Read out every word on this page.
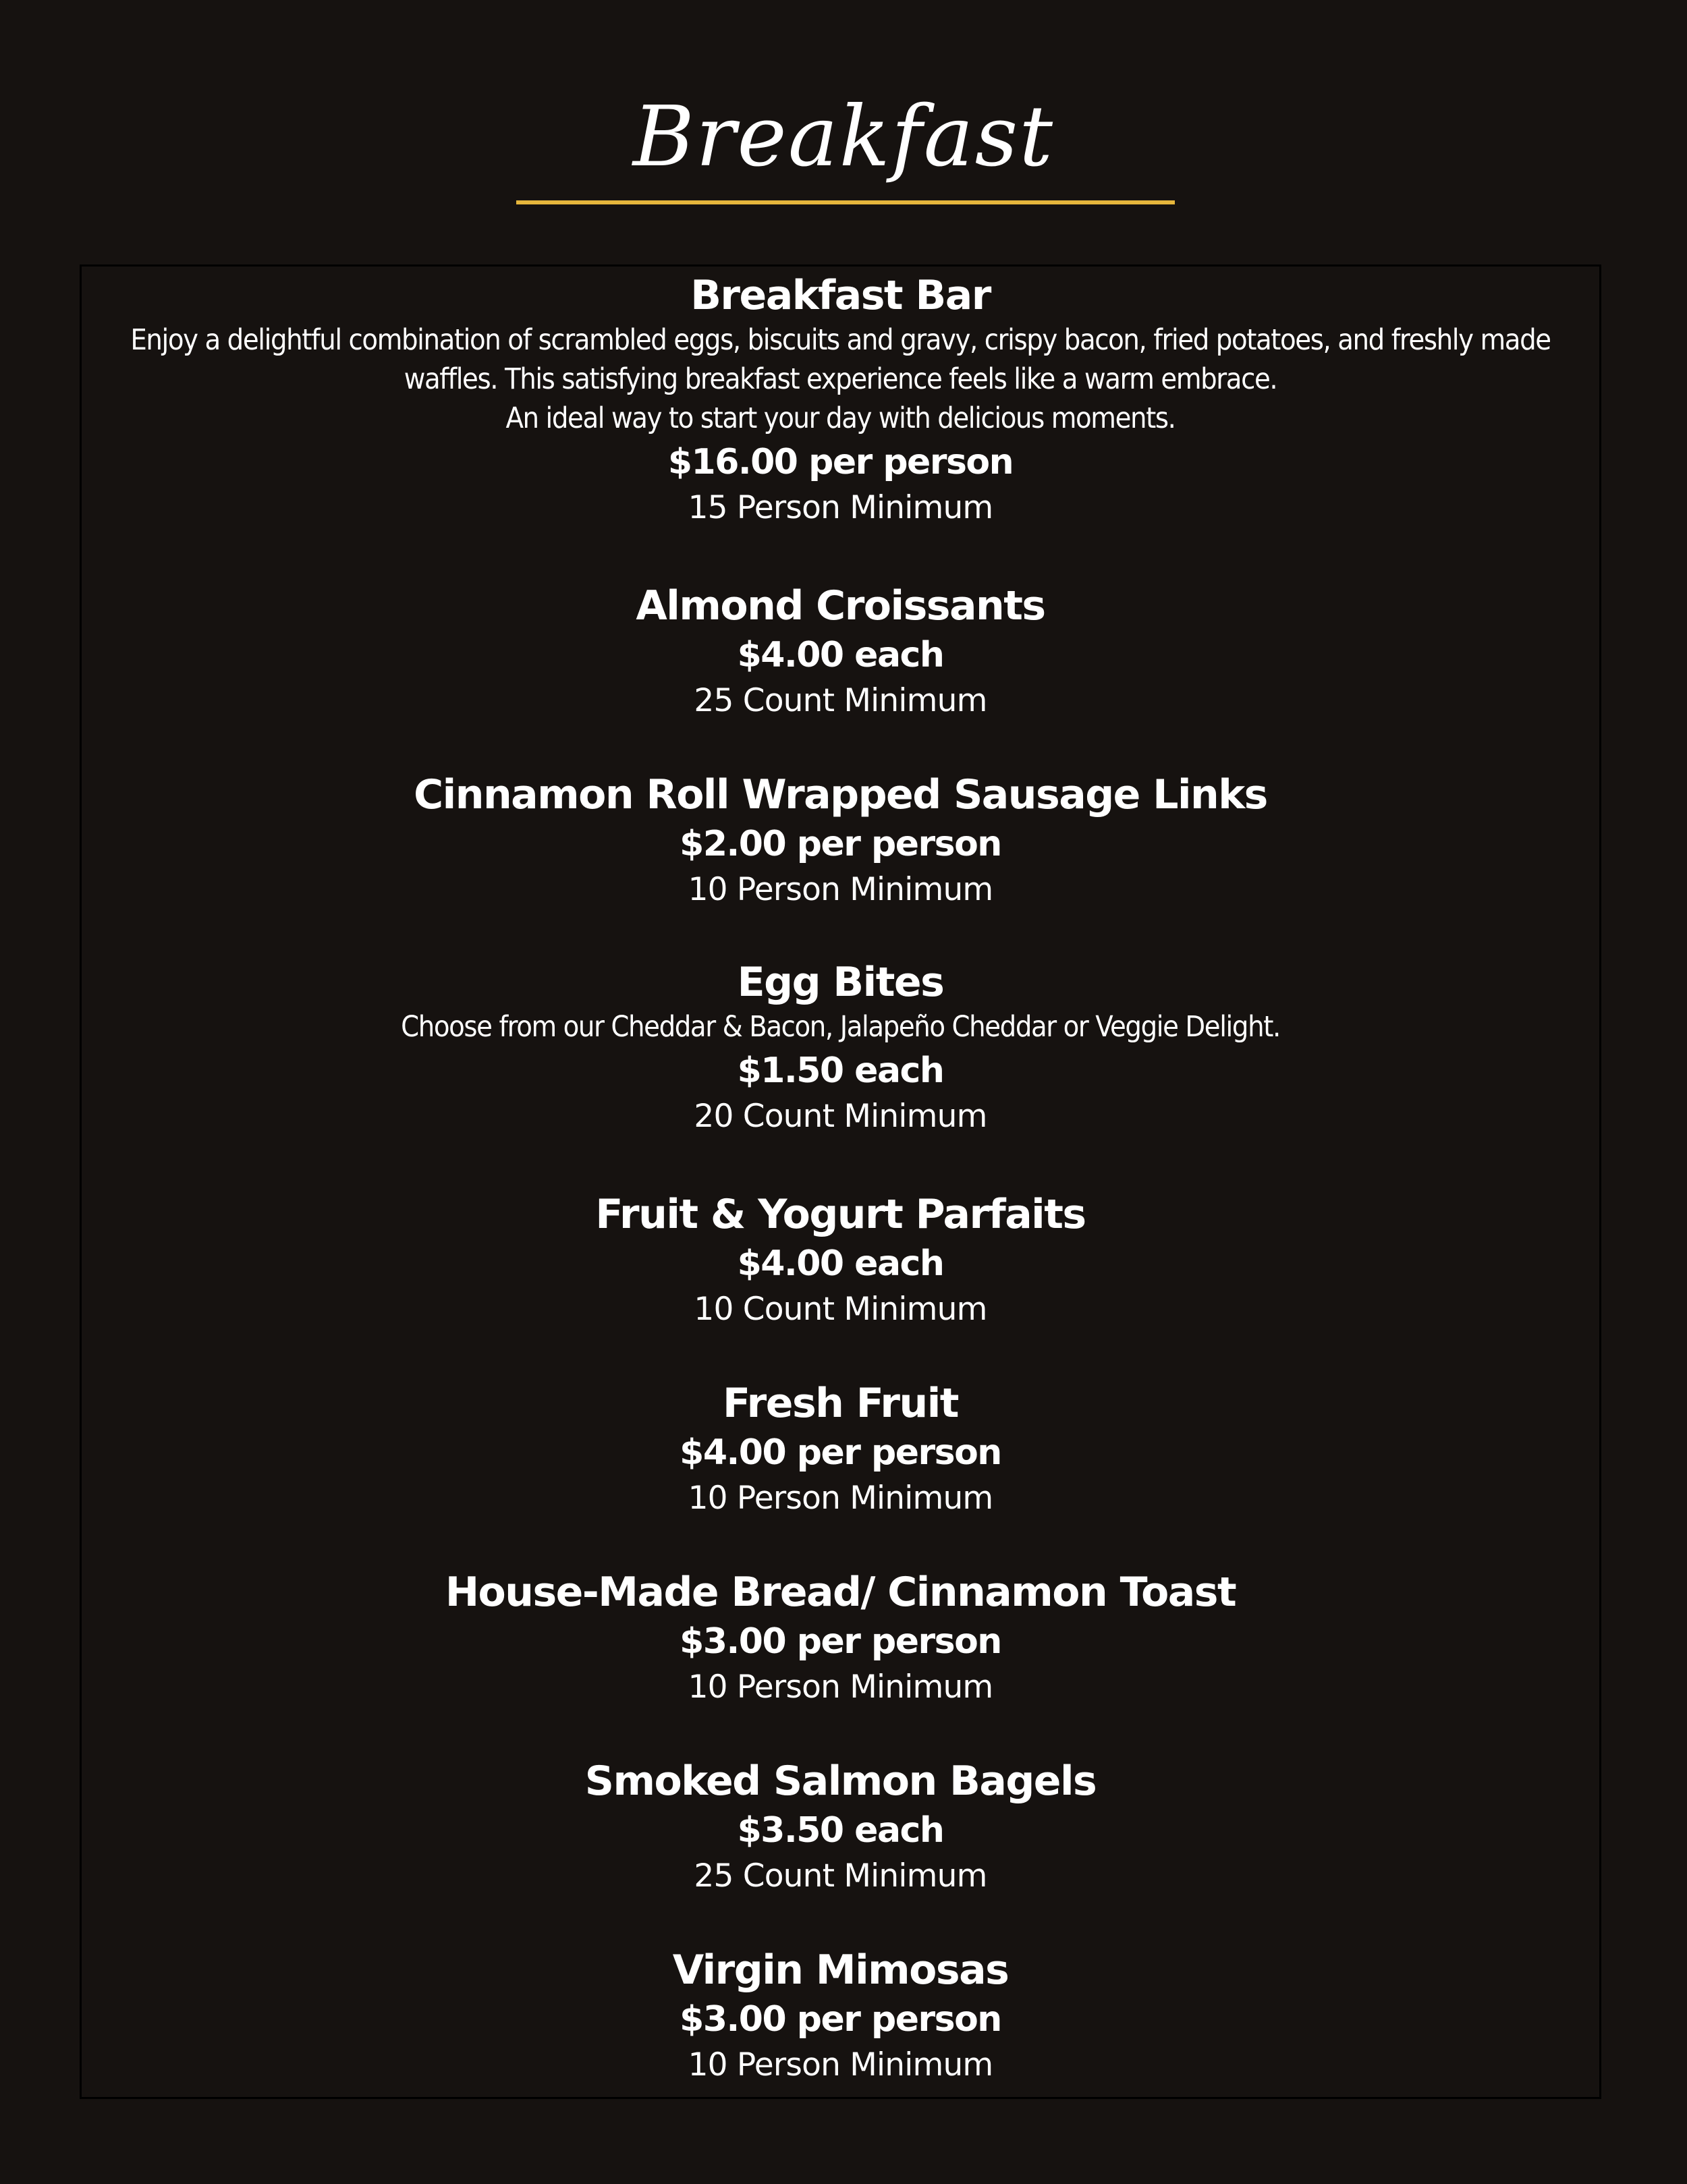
Breakfast
Breakfast Bar
Enjoy a delightful combination of scrambled eggs, biscuits and gravy, crispy bacon, fried potatoes, and freshly made
waffles. This satisfying breakfast experience feels like a warm embrace.
An ideal way to start your day with delicious moments.
$16.00 per person
15 Person Minimum
Almond Croissants
$4.00 each
25 Count Minimum
Cinnamon Roll Wrapped Sausage Links
$2.00 per person
10 Person Minimum
Egg Bites
Choose from our Cheddar & Bacon, Jalapeño Cheddar or Veggie Delight.
$1.50 each
20 Count Minimum
Fruit & Yogurt Parfaits
$4.00 each
10 Count Minimum
Fresh Fruit
$4.00 per person
10 Person Minimum
House-Made Bread/ Cinnamon Toast
$3.00 per person
10 Person Minimum
Smoked Salmon Bagels
$3.50 each
25 Count Minimum
Virgin Mimosas
$3.00 per person
10 Person Minimum
